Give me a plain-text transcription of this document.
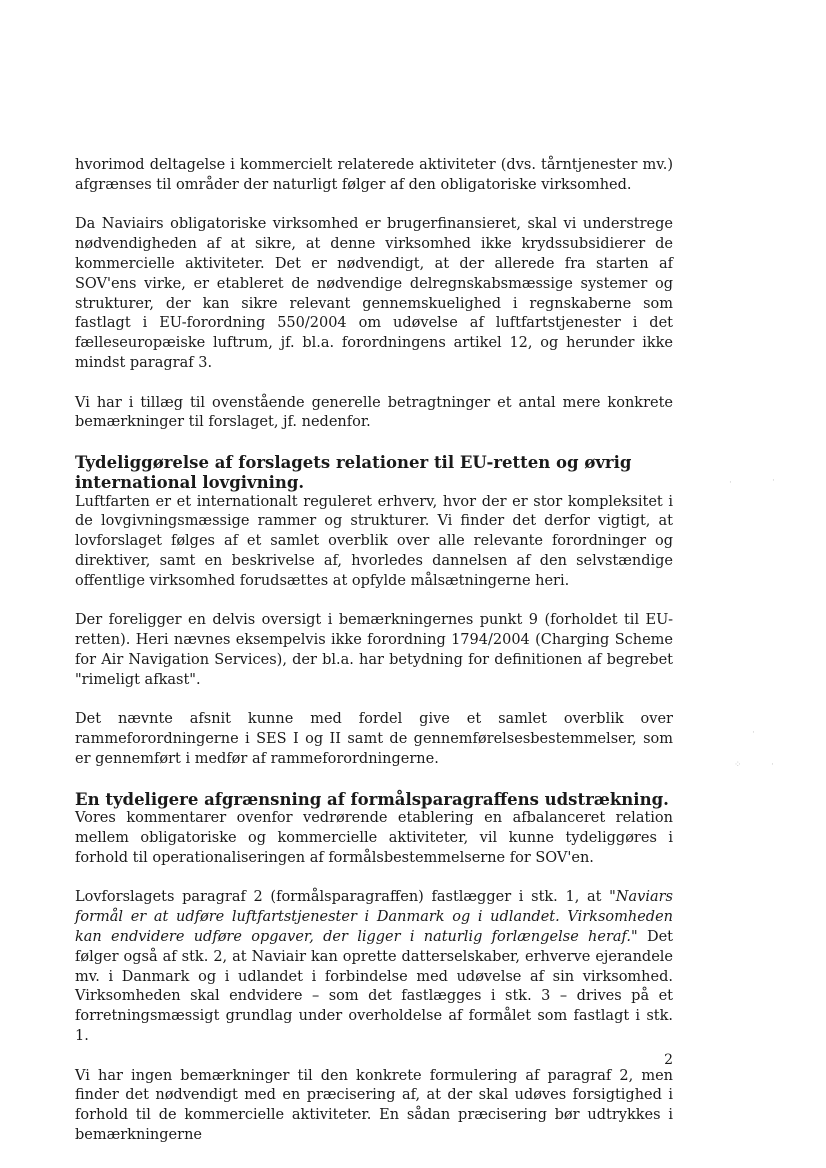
hvorimod deltagelse i kommercielt relaterede aktiviteter (dvs. tårntjenester mv.) afgrænses til områder der naturligt følger af den obligatoriske virksomhed.

Da Naviairs obligatoriske virksomhed er brugerfinansieret, skal vi understrege nødvendigheden af at sikre, at denne virksomhed ikke krydssubsidierer de kommercielle aktiviteter. Det er nødvendigt, at der allerede fra starten af SOV'ens virke, er etableret de nødvendige delregnskabsmæssige systemer og strukturer, der kan sikre relevant gennemskuelighed i regnskaberne som fastlagt i EU-forordning 550/2004 om udøvelse af luftfartstjenester i det fælleseuropæiske luftrum, jf. bl.a. forordningens artikel 12, og herunder ikke mindst paragraf 3.

Vi har i tillæg til ovenstående generelle betragtninger et antal mere konkrete bemærkninger til forslaget, jf. nedenfor.

Tydeliggørelse af forslagets relationer til EU-retten og øvrig international lovgivning.

Luftfarten er et internationalt reguleret erhverv, hvor der er stor kompleksitet i de lovgivningsmæssige rammer og strukturer. Vi finder det derfor vigtigt, at lovforslaget følges af et samlet overblik over alle relevante forordninger og direktiver, samt en beskrivelse af, hvorledes dannelsen af den selvstændige offentlige virksomhed forudsættes at opfylde målsætningerne heri.

Der foreligger en delvis oversigt i bemærkningernes punkt 9 (forholdet til EU-retten). Heri nævnes eksempelvis ikke forordning 1794/2004 (Charging Scheme for Air Navigation Services), der bl.a. har betydning for definitionen af begrebet "rimeligt afkast".

Det nævnte afsnit kunne med fordel give et samlet overblik over rammeforordningerne i SES I og II samt de gennemførelsesbestemmelser, som er gennemført i medfør af rammeforordningerne.

En tydeligere afgrænsning af formålsparagraffens udstrækning.

Vores kommentarer ovenfor vedrørende etablering en afbalanceret relation mellem obligatoriske og kommercielle aktiviteter, vil kunne tydeliggøres i forhold til operationaliseringen af formålsbestemmelserne for SOV'en.

Lovforslagets paragraf 2 (formålsparagraffen) fastlægger i stk. 1, at "Naviars formål er at udføre luftfartstjenester i Danmark og i udlandet. Virksomheden kan endvidere udføre opgaver, der ligger i naturlig forlængelse heraf." Det følger også af stk. 2, at Naviair kan oprette datterselskaber, erhverve ejerandele mv. i Danmark og i udlandet i forbindelse med udøvelse af sin virksomhed. Virksomheden skal endvidere – som det fastlægges i stk. 3 – drives på et forretningsmæssigt grundlag under overholdelse af formålet som fastlagt i stk. 1.

Vi har ingen bemærkninger til den konkrete formulering af paragraf 2, men finder det nødvendigt med en præcisering af, at der skal udøves forsigtighed i forhold til de kommercielle aktiviteter. En sådan præcisering bør udtrykkes i bemærkningerne

2
·	·
·
⁘	·
